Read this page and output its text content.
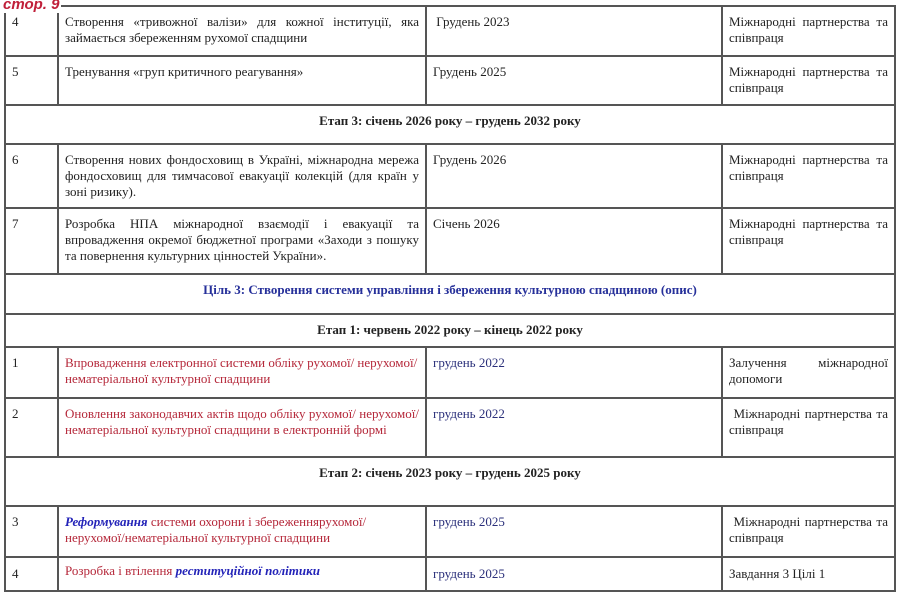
стор. 9
4	Створення «тривожної валізи» для кожної інституції, яка займається збереженням рухомої спадщини	Грудень 2023	Міжнародні партнерства та співпраця
5	Тренування «груп критичного реагування»	Грудень 2025	Міжнародні партнерства та співпраця
Етап 3: січень 2026 року – грудень 2032 року			
6	Створення нових фондосховищ в Україні, міжнародна мережа фондосховищ для тимчасової евакуації колекцій (для країн у зоні ризику).	Грудень 2026	Міжнародні партнерства та співпраця
7	Розробка НПА міжнародної взаємодії і евакуації та впровадження окремої бюджетної програми «Заходи з пошуку та повернення культурних цінностей України».	Січень 2026	Міжнародні партнерства та співпраця
Ціль 3: Створення системи управління і збереження культурною спадщиною (опис)			
Етап 1: червень 2022 року – кінець 2022 року			
1	Впровадження електронної системи обліку рухомої/ нерухомої/нематеріальної культурної спадщини	грудень 2022	Залучення міжнародної допомоги
2	Оновлення законодавчих актів щодо обліку рухомої/ нерухомої/нематеріальної культурної спадщини в електронній формі	грудень 2022	Міжнародні партнерства та співпраця
Етап 2: січень 2023 року – грудень 2025 року			
3	Реформування системи охорони і збереженнярухомої/ нерухомої/нематеріальної культурної спадщини	грудень 2025	Міжнародні партнерства та співпраця
4	Розробка і втілення реституційної політики	грудень 2025	Завдання 3 Цілі 1
